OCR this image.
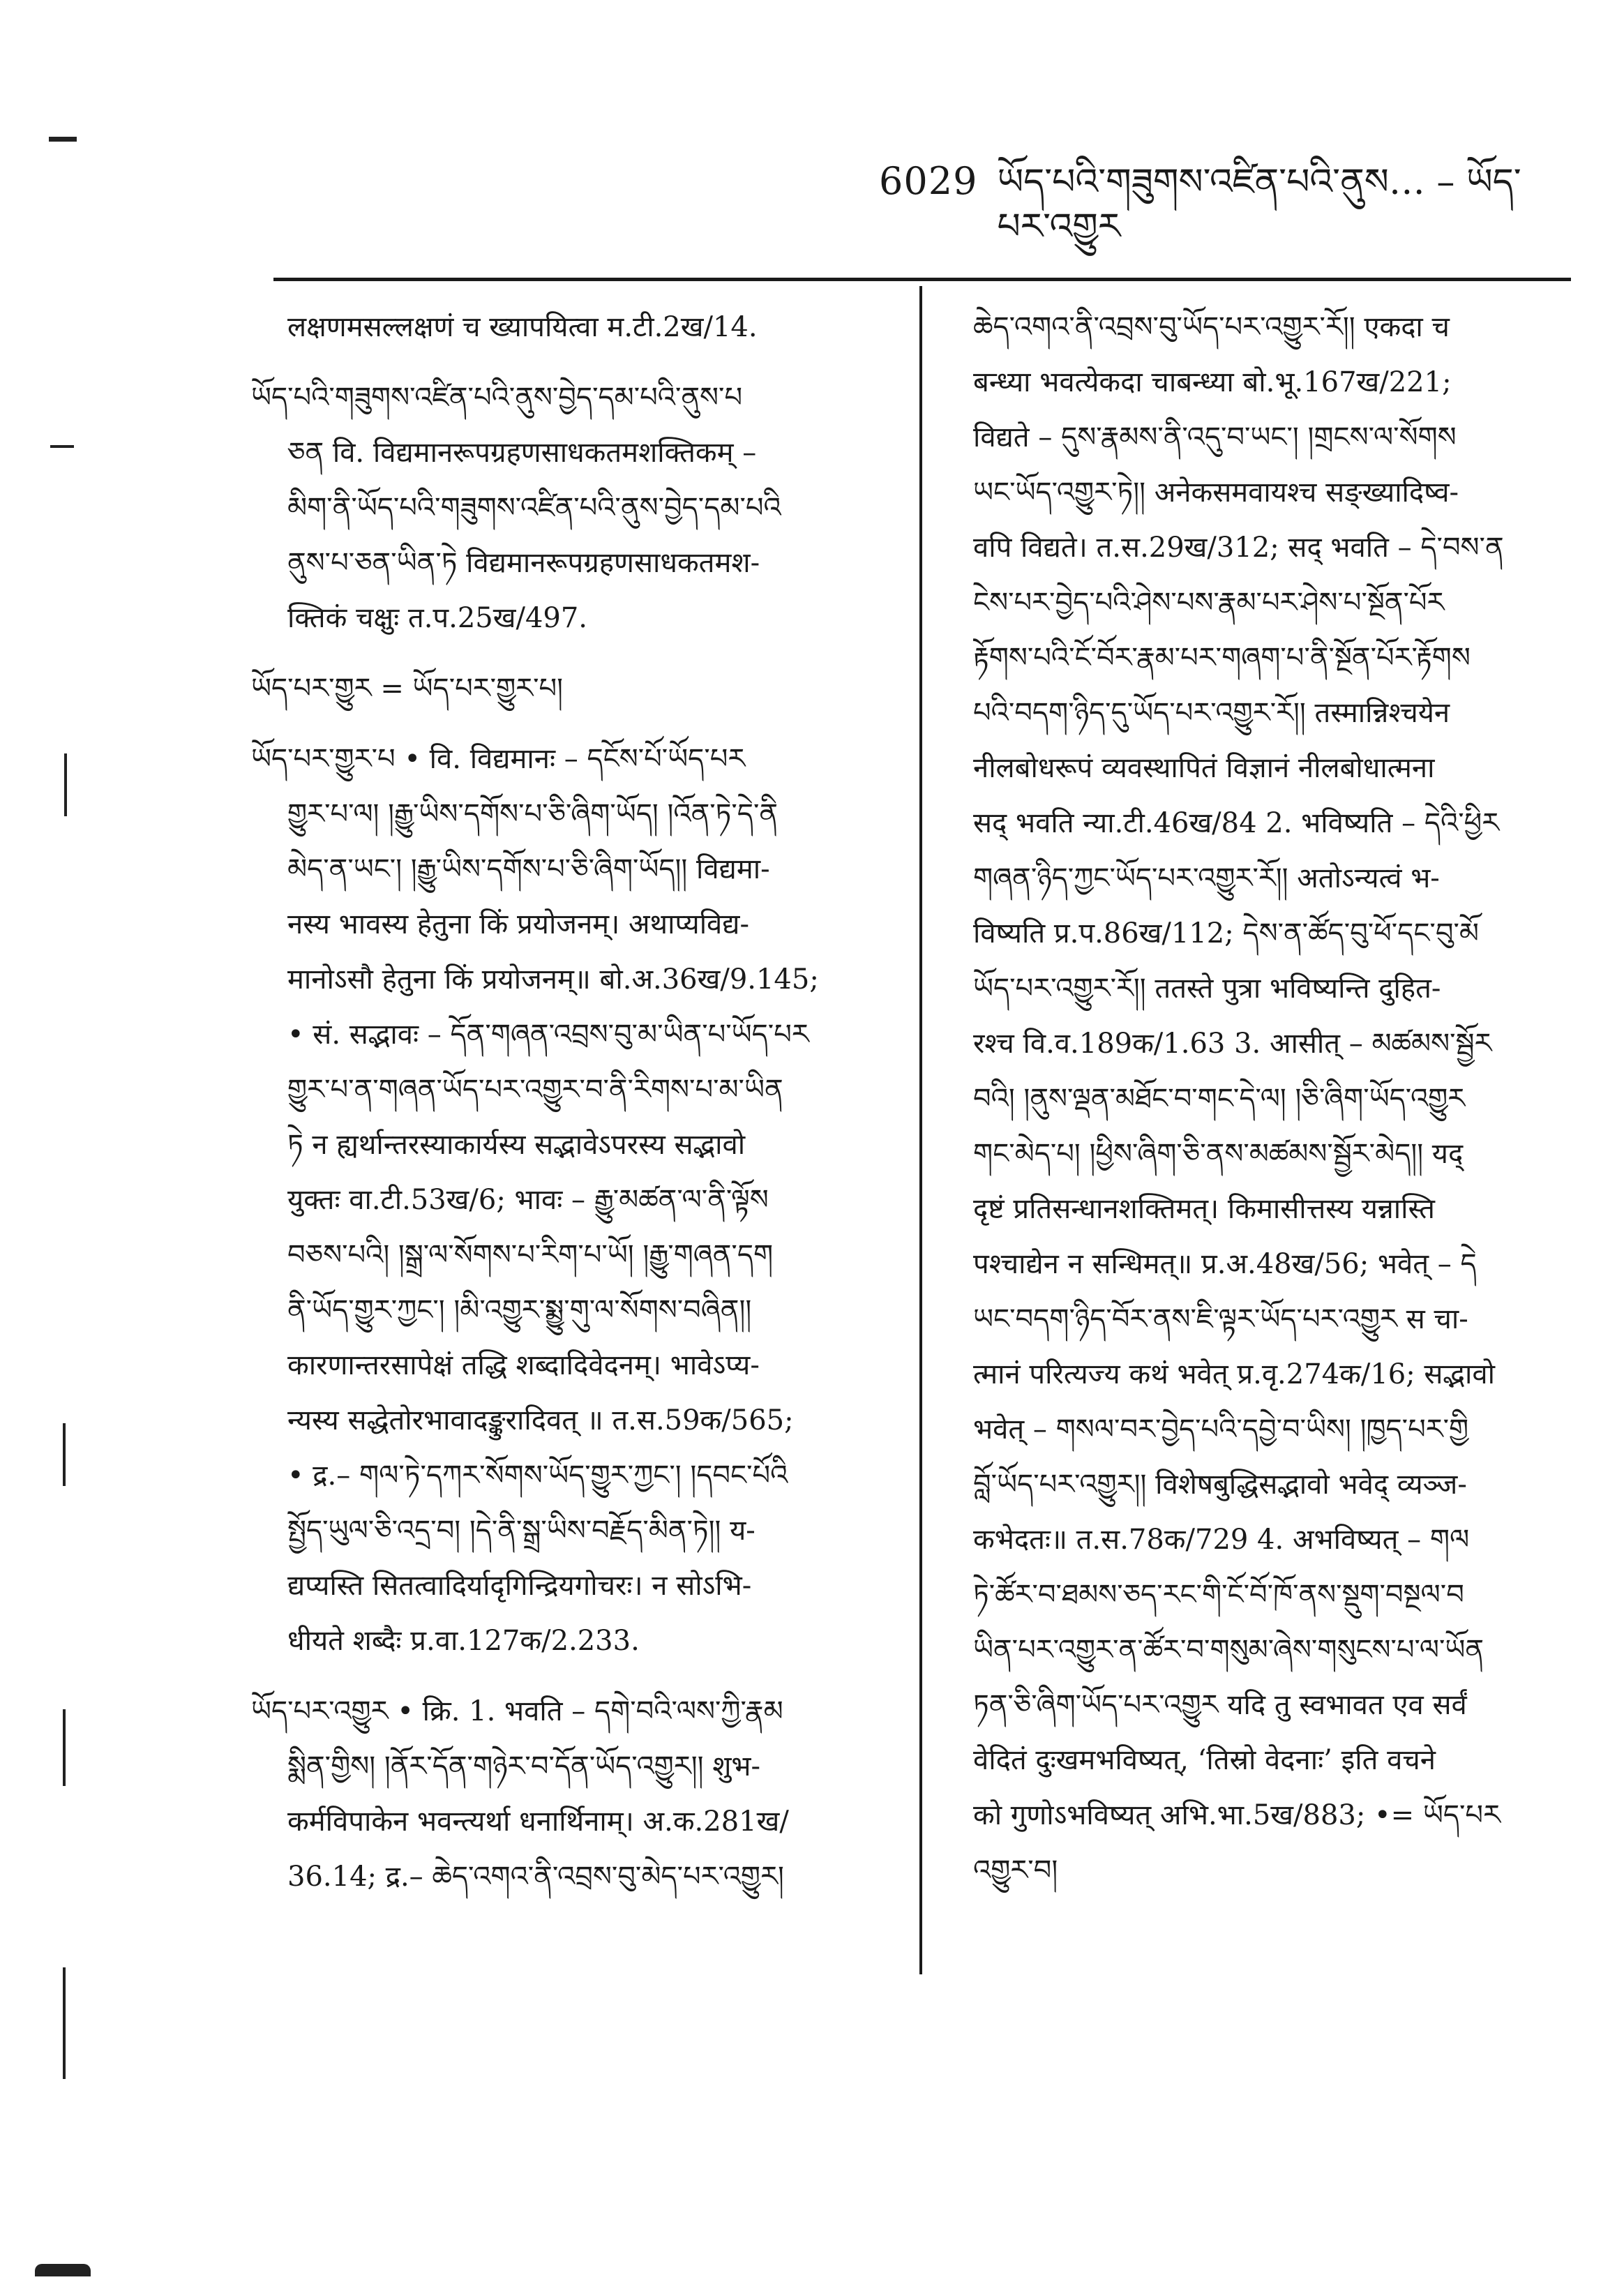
6029 ཡོད་པའི་གཟུགས་འཛིན་པའི་ནུས… – ཡོད་པར་འགྱུར
लक्षणमसल्लक्षणं च ख्यापयित्वा म.टी.2ख/14.
ཡོད་པའི་གཟུགས་འཛིན་པའི་ནུས་བྱེད་དམ་པའི་ནུས་པ
ཅན वि. विद्यमानरूपग्रहणसाधकतमशक्तिकम् –
མིག་ནི་ཡོད་པའི་གཟུགས་འཛིན་པའི་ནུས་བྱེད་དམ་པའི
ནུས་པ་ཅན་ཡིན་ཏེ विद्यमानरूपग्रहणसाधकतमश-
क्तिकं चक्षुः त.प.25ख/497.
ཡོད་པར་གྱུར = ཡོད་པར་གྱུར་པ།
ཡོད་པར་གྱུར་པ • वि. विद्यमानः – དངོས་པོ་ཡོད་པར
གྱུར་པ་ལ། །རྒྱུ་ཡིས་དགོས་པ་ཅི་ཞིག་ཡོད། །འོན་ཏེ་དེ་ནི
མེད་ན་ཡང་། །རྒྱུ་ཡིས་དགོས་པ་ཅི་ཞིག་ཡོད།། विद्यमा-
नस्य भावस्य हेतुना किं प्रयोजनम्। अथाप्यविद्य-
मानोऽसौ हेतुना किं प्रयोजनम्॥ बो.अ.36ख/9.145;
• सं. सद्भावः – དོན་གཞན་འབྲས་བུ་མ་ཡིན་པ་ཡོད་པར
གྱུར་པ་ན་གཞན་ཡོད་པར་འགྱུར་བ་ནི་རིགས་པ་མ་ཡིན
ཏེ न ह्यर्थान्तरस्याकार्यस्य सद्भावेऽपरस्य सद्भावो
युक्तः वा.टी.53ख/6; भावः – རྒྱུ་མཚན་ལ་ནི་ལྟོས
བཅས་པའི། །སྒྲ་ལ་སོགས་པ་རིག་པ་ཡོ། །རྒྱུ་གཞན་དག
ནི་ཡོད་གྱུར་ཀྱང་། །མི་འགྱུར་སྨྱུ་གུ་ལ་སོགས་བཞིན།།
कारणान्तरसापेक्षं तद्धि शब्दादिवेदनम्। भावेऽप्य-
न्यस्य सद्धेतोरभावादङ्कुरादिवत् ॥ त.स.59क/565;
• द्र.– གལ་ཏེ་དཀར་སོགས་ཡོད་གྱུར་ཀྱང་། །དབང་པོའི
སྤྱོད་ཡུལ་ཅི་འདྲ་བ། །དེ་ནི་སྒྲ་ཡིས་བརྗོད་མིན་ཏེ།། य-
द्यप्यस्ति सितत्वादिर्यादृगिन्द्रियगोचरः। न सोऽभि-
धीयते शब्दैः प्र.वा.127क/2.233.
ཡོད་པར་འགྱུར • क्रि. 1. भवति – དགེ་བའི་ལས་ཀྱི་རྣམ
སྨིན་གྱིས། །ནོར་དོན་གཉེར་བ་དོན་ཡོད་འགྱུར།། शुभ-
कर्मविपाकेन भवन्त्यर्था धनार्थिनाम्। अ.क.281ख/
36.14; द्र.– ཆེད་འགའ་ནི་འབྲས་བུ་མེད་པར་འགྱུར།
ཆེད་འགའ་ནི་འབྲས་བུ་ཡོད་པར་འགྱུར་རོ།། एकदा च
बन्ध्या भवत्येकदा चाबन्ध्या बो.भू.167ख/221;
विद्यते – དུས་རྣམས་ནི་འདུ་བ་ཡང་། །གྲངས་ལ་སོགས
ཡང་ཡོད་འགྱུར་ཏེ།། अनेकसमवायश्च सङ्ख्यादिष्व-
वपि विद्यते। त.स.29ख/312; सद् भवति – དེ་བས་ན
ངེས་པར་བྱེད་པའི་ཤེས་པས་རྣམ་པར་ཤེས་པ་སྔོན་པོར
རྟོགས་པའི་ངོ་བོར་རྣམ་པར་གཞག་པ་ནི་སྔོན་པོར་རྟོགས
པའི་བདག་ཉིད་དུ་ཡོད་པར་འགྱུར་རོ།། तस्मान्निश्चयेन
नीलबोधरूपं व्यवस्थापितं विज्ञानं नीलबोधात्मना
सद् भवति न्या.टी.46ख/84 2. भविष्यति – དེའི་ཕྱིར
གཞན་ཉིད་ཀྱང་ཡོད་པར་འགྱུར་རོ།། अतोऽन्यत्वं भ-
विष्यति प्र.प.86ख/112; དེས་ན་ཚོད་བུ་ཕོ་དང་བུ་མོ
ཡོད་པར་འགྱུར་རོ།། ततस्ते पुत्रा भविष्यन्ति दुहित-
रश्च वि.व.189क/1.63 3. आसीत् – མཚམས་སྦྱོར
བའི། །ནུས་ལྡན་མཐོང་བ་གང་དེ་ལ། །ཅི་ཞིག་ཡོད་འགྱུར
གང་མེད་པ། །ཕྱིས་ཞིག་ཅི་ནས་མཚམས་སྦྱོར་མེད།། यद्
दृष्टं प्रतिसन्धानशक्तिमत्। किमासीत्तस्य यन्नास्ति
पश्चाद्येन न सन्धिमत्॥ प्र.अ.48ख/56; भवेत् – དེ
ཡང་བདག་ཉིད་བོར་ནས་ཇི་ལྟར་ཡོད་པར་འགྱུར स चा-
त्मानं परित्यज्य कथं भवेत् प्र.वृ.274क/16; सद्भावो
भवेत् – གསལ་བར་བྱེད་པའི་དབྱེ་བ་ཡིས། །ཁྱད་པར་གྱི
བློ་ཡོད་པར་འགྱུར།། विशेषबुद्धिसद्भावो भवेद् व्यञ्ज-
कभेदतः॥ त.स.78क/729 4. अभविष्यत् – གལ
ཏེ་ཚོར་བ་ཐམས་ཅད་རང་གི་ངོ་བོ་ཁོ་ནས་སྡུག་བསྔལ་བ
ཡིན་པར་འགྱུར་ན་ཚོར་བ་གསུམ་ཞེས་གསུངས་པ་ལ་ཡོན
ཏན་ཅི་ཞིག་ཡོད་པར་འགྱུར यदि तु स्वभावत एव सर्वं
वेदितं दुःखमभविष्यत्, ‘तिस्रो वेदनाः’ इति वचने
को गुणोऽभविष्यत् अभि.भा.5ख/883; •= ཡོད་པར
འགྱུར་བ།
